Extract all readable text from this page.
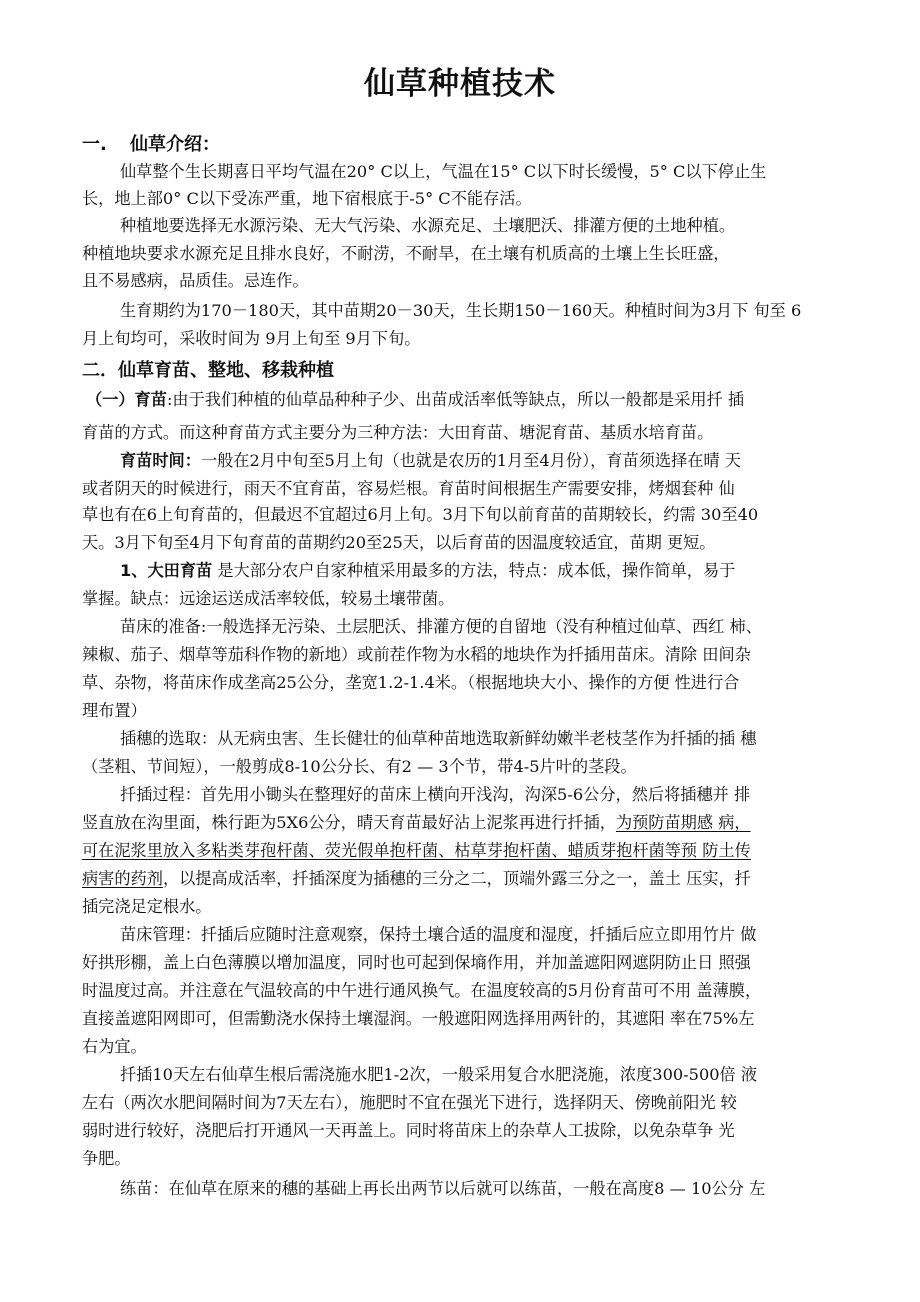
仙草种植技术
一. 仙草介绍：
仙草整个生长期喜日平均气温在20° C以上，气温在15° C以下时长缓慢，5° C以下停止生
长，地上部0° C以下受冻严重，地下宿根底于-5° C不能存活。
种植地要选择无水源污染、无大气污染、水源充足、土壤肥沃、排灌方便的土地种植。
种植地块要求水源充足且排水良好，不耐涝，不耐旱，在土壤有机质高的土壤上生长旺盛，
且不易感病，品质佳。忌连作。
生育期约为170－180天，其中苗期20－30天，生长期150－160天。种植时间为3月下 旬至 6
月上旬均可，采收时间为 9月上旬至 9月下旬。
二．仙草育苗、整地、移栽种植
（一）育苗:由于我们种植的仙草品种种子少、出苗成活率低等缺点，所以一般都是采用扦 插
育苗的方式。而这种育苗方式主要分为三种方法：大田育苗、塘泥育苗、基质水培育苗。
育苗时间：一般在2月中旬至5月上旬（也就是农历的1月至4月份），育苗须选择在晴 天
或者阴天的时候进行，雨天不宜育苗，容易烂根。育苗时间根据生产需要安排，烤烟套种 仙
草也有在6上旬育苗的，但最迟不宜超过6月上旬。3月下旬以前育苗的苗期较长，约需 30至40
天。3月下旬至4月下旬育苗的苗期约20至25天，以后育苗的因温度较适宜，苗期 更短。
1、大田育苗 是大部分农户自家种植采用最多的方法，特点：成本低，操作简单，易于
掌握。缺点：远途运送成活率较低，较易土壤带菌。
苗床的准备:一般选择无污染、土层肥沃、排灌方便的自留地（没有种植过仙草、西红 柿、
辣椒、茄子、烟草等茄科作物的新地）或前茬作物为水稻的地块作为扦插用苗床。清除 田间杂
草、杂物，将苗床作成垄高25公分，垄宽1.2-1.4米。（根据地块大小、操作的方便 性进行合
理布置）
插穗的选取：从无病虫害、生长健壮的仙草种苗地选取新鲜幼嫩半老枝茎作为扦插的插 穗
（茎粗、节间短），一般剪成8-10公分长、有2 — 3个节，带4-5片叶的茎段。
扦插过程：首先用小锄头在整理好的苗床上横向开浅沟，沟深5-6公分，然后将插穗并 排
竖直放在沟里面，株行距为5X6公分，晴天育苗最好沾上泥浆再进行扦插，为预防苗期感 病，
可在泥浆里放入多粘类芽孢杆菌、荧光假单抱杆菌、枯草芽抱杆菌、蜡质芽抱杆菌等预 防土传
病害的药剂，以提高成活率，扦插深度为插穗的三分之二，顶端外露三分之一，盖土 压实，扦
插完浇足定根水。
苗床管理：扦插后应随时注意观察，保持土壤合适的温度和湿度，扦插后应立即用竹片 做
好拱形棚，盖上白色薄膜以增加温度，同时也可起到保墒作用，并加盖遮阳网遮阴防止日 照强
时温度过高。并注意在气温较高的中午进行通风换气。在温度较高的5月份育苗可不用 盖薄膜，
直接盖遮阳网即可，但需勤浇水保持土壤湿润。一般遮阳网选择用两针的，其遮阳 率在75%左
右为宜。
扦插10天左右仙草生根后需浇施水肥1-2次，一般采用复合水肥浇施，浓度300-500倍 液
左右（两次水肥间隔时间为7天左右），施肥时不宜在强光下进行，选择阴天、傍晚前阳光 较
弱时进行较好，浇肥后打开通风一天再盖上。同时将苗床上的杂草人工拔除，以免杂草争 光
争肥。
练苗：在仙草在原来的穗的基础上再长出两节以后就可以练苗，一般在高度8 — 10公分 左
